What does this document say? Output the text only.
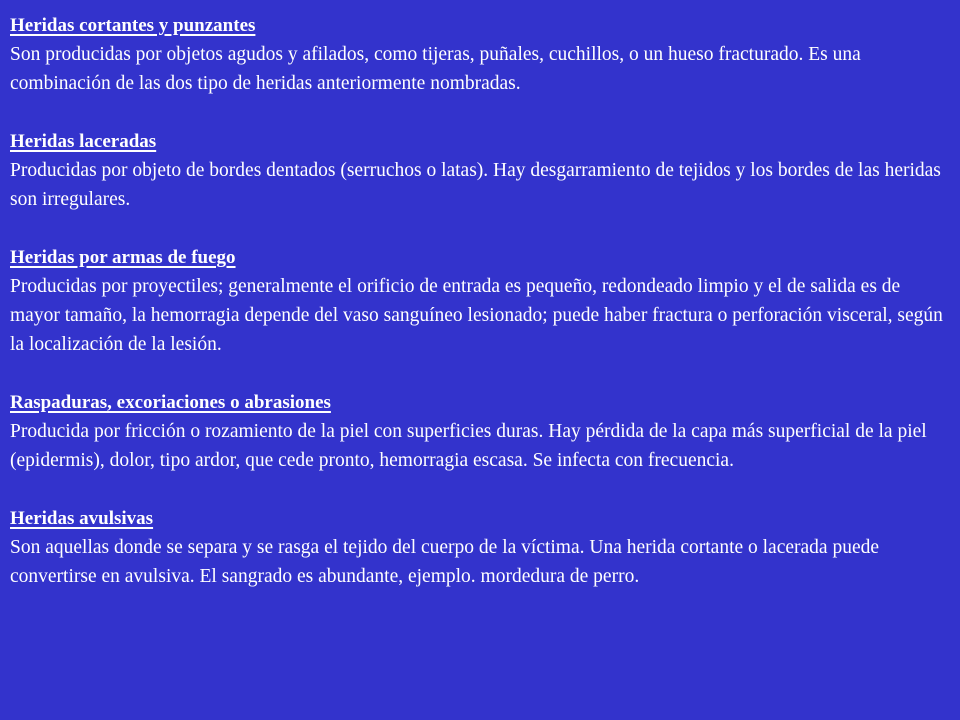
Heridas cortantes y punzantes
Son producidas por objetos agudos y afilados, como tijeras, puñales, cuchillos, o un hueso fracturado. Es una combinación de las dos tipo de heridas anteriormente nombradas.
Heridas laceradas
Producidas por objeto de bordes dentados (serruchos o latas). Hay desgarramiento de tejidos y los bordes de las heridas son irregulares.
Heridas por armas de fuego
Producidas por proyectiles; generalmente el orificio de entrada es pequeño, redondeado limpio y el de salida es de mayor tamaño, la hemorragia depende del vaso sanguíneo lesionado; puede haber fractura o perforación visceral, según la localización de la lesión.
Raspaduras, excoriaciones o abrasiones
Producida por fricción o rozamiento de la piel con superficies duras. Hay pérdida de la capa más superficial de la piel (epidermis), dolor, tipo ardor, que cede pronto, hemorragia escasa. Se infecta con frecuencia.
Heridas avulsivas
Son aquellas donde se separa y se rasga el tejido del cuerpo de la víctima. Una herida cortante o lacerada puede convertirse en avulsiva. El sangrado es abundante, ejemplo. mordedura de perro.
